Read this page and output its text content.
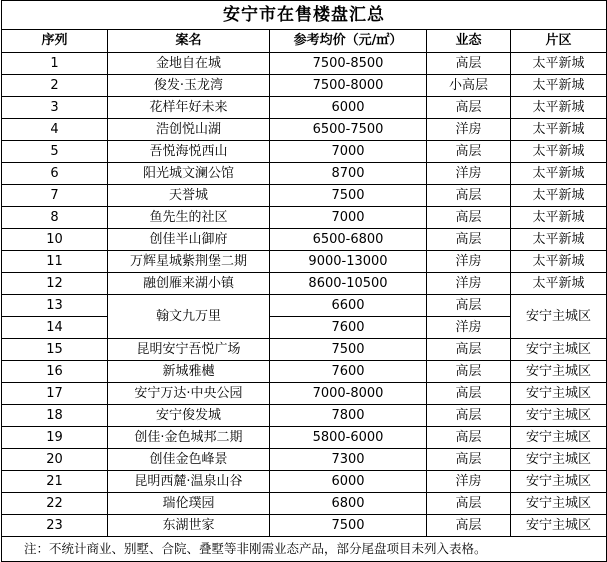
安宁市在售楼盘汇总				
序列	案名	参考均价（元/㎡）	业态	片区
1	金地自在城	7500-8500	高层	太平新城
2	俊发·玉龙湾	7500-8000	小高层	太平新城
3	花样年好未来	6000	高层	太平新城
4	浩创悦山湖	6500-7500	洋房	太平新城
5	吾悦海悦西山	7000	高层	太平新城
6	阳光城文澜公馆	8700	洋房	太平新城
7	天誉城	7500	高层	太平新城
8	鱼先生的社区	7000	高层	太平新城
10	创佳半山御府	6500-6800	高层	太平新城
11	万辉星城紫荆堡二期	9000-13000	洋房	太平新城
12	融创雁来湖小镇	8600-10500	洋房	太平新城
13	翰文九万里	6600	高层	安宁主城区
14		7600	洋房	
15	昆明安宁吾悦广场	7500	高层	安宁主城区
16	新城雅樾	7600	高层	安宁主城区
17	安宁万达·中央公园	7000-8000	高层	安宁主城区
18	安宁俊发城	7800	高层	安宁主城区
19	创佳·金色城邦二期	5800-6000	高层	安宁主城区
20	创佳金色峰景	7300	高层	安宁主城区
21	昆明西麓·温泉山谷	6000	洋房	安宁主城区
22	瑞伦璞园	6800	高层	安宁主城区
23	东湖世家	7500	高层	安宁主城区
注：不统计商业、别墅、合院、叠墅等非刚需业态产品，部分尾盘项目未列入表格。				
